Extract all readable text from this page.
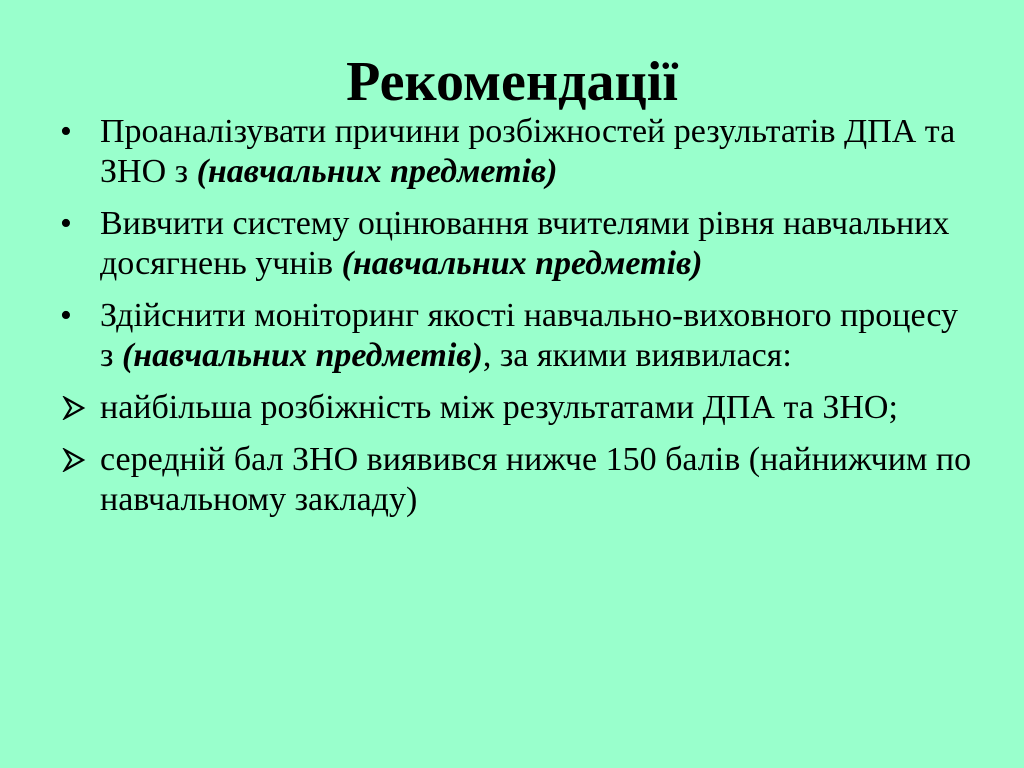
Рекомендації
• Проаналізувати причини розбіжностей результатів ДПА та ЗНО з (навчальних предметів)
• Вивчити систему оцінювання вчителями рівня навчальних досягнень учнів (навчальних предметів)
• Здійснити моніторинг якості навчально-виховного процесу з (навчальних предметів), за якими виявилася:
найбільша розбіжність між результатами ДПА та ЗНО;
середній бал ЗНО виявився нижче 150 балів (найнижчим по навчальному закладу)
